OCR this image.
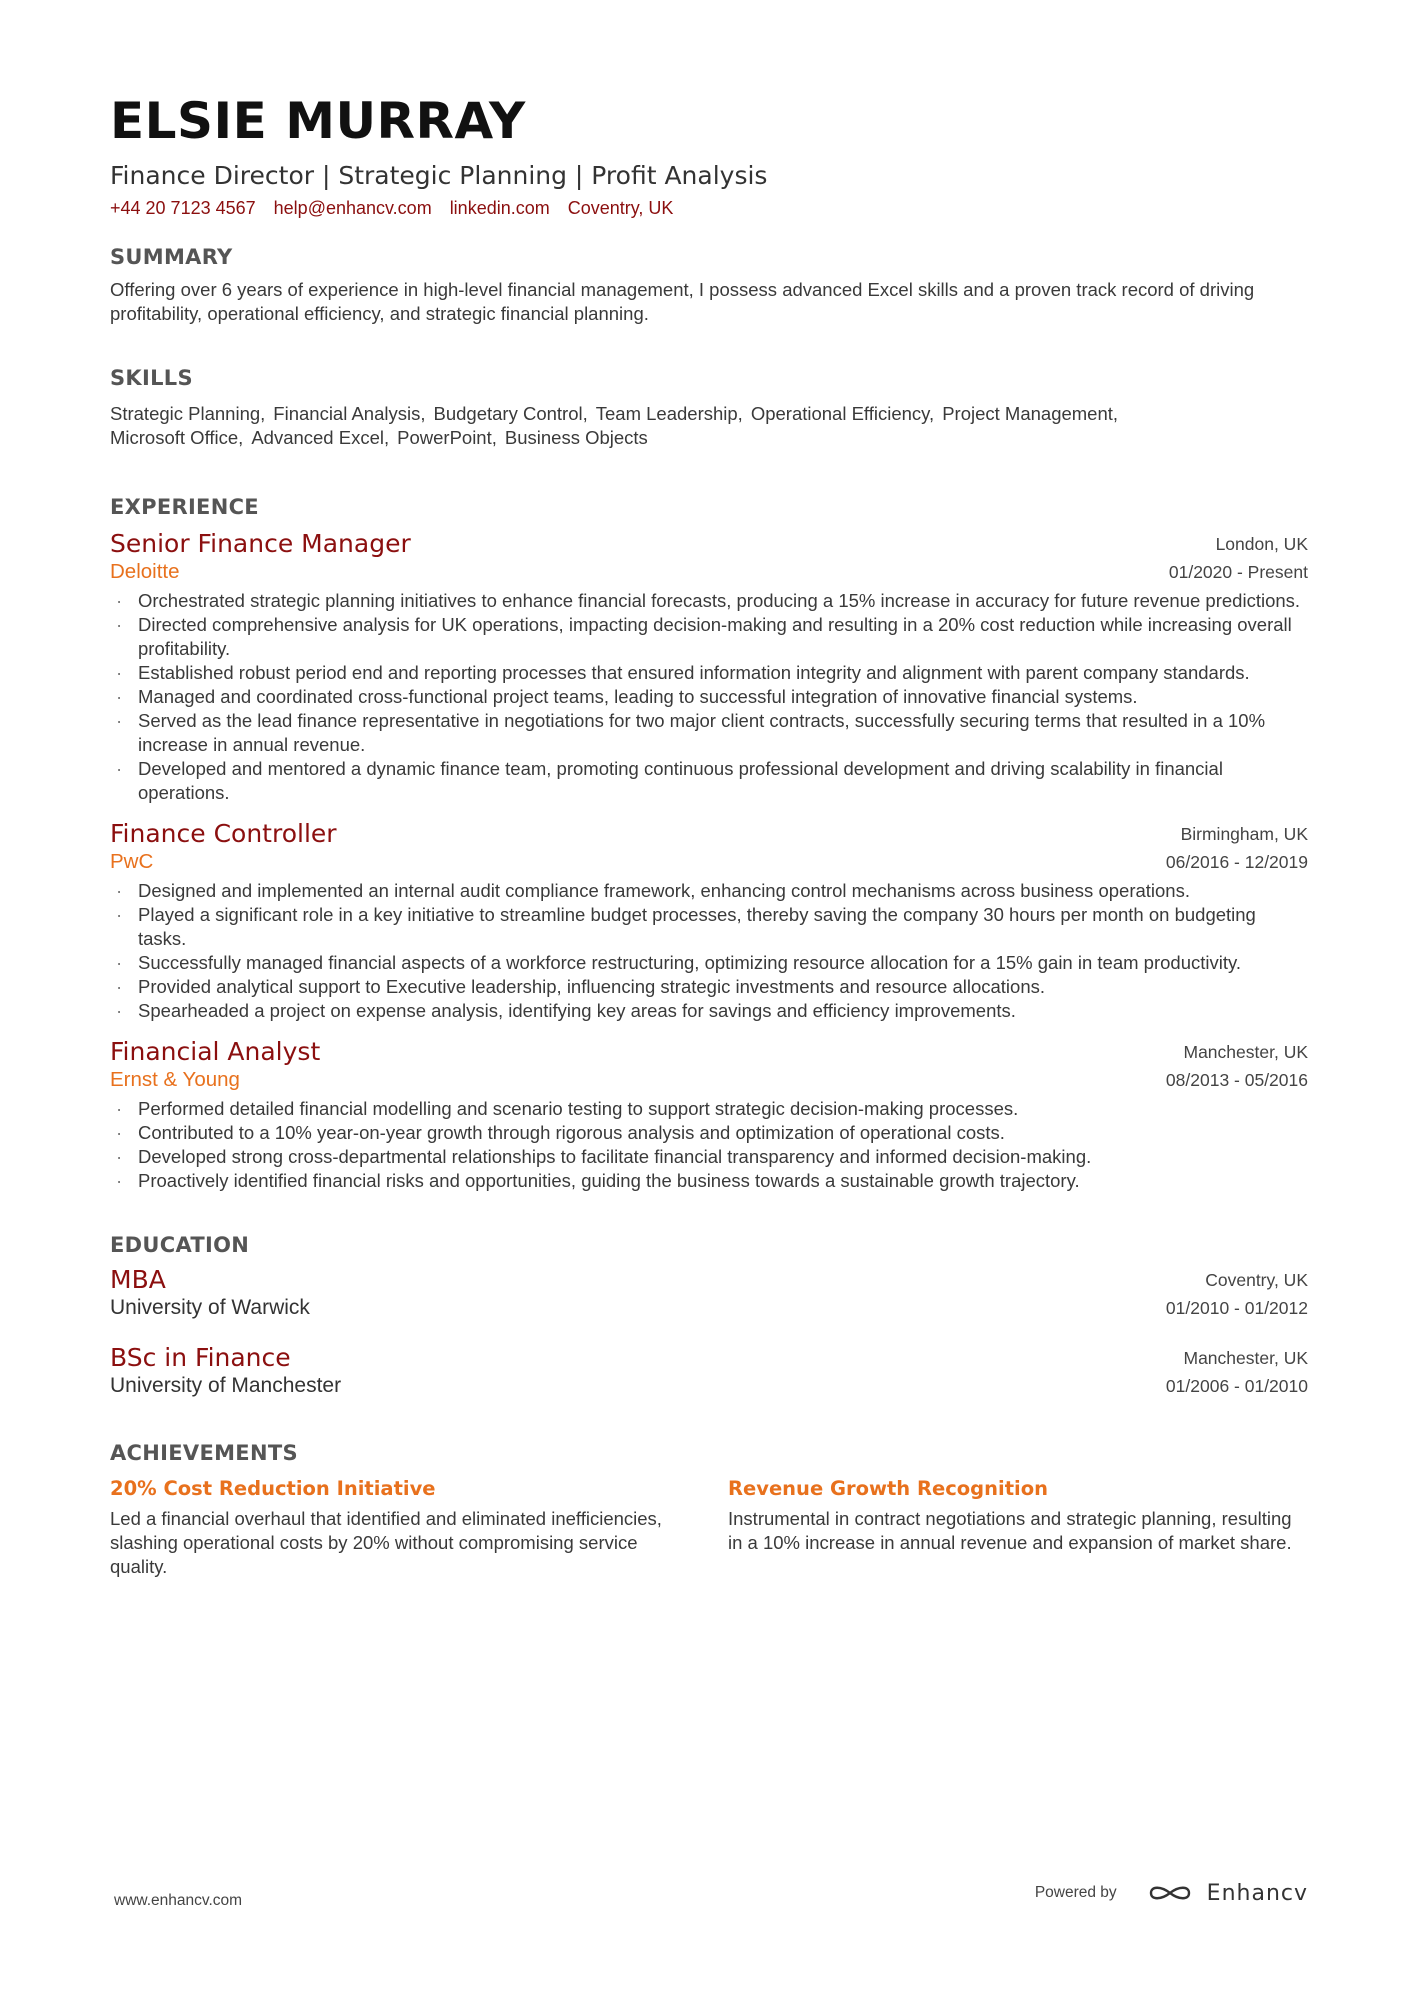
ELSIE MURRAY
Finance Director | Strategic Planning | Profit Analysis
+44 20 7123 4567 help@enhancv.com linkedin.com Coventry, UK
SUMMARY
Offering over 6 years of experience in high-level financial management, I possess advanced Excel skills and a proven track record of driving profitability, operational efficiency, and strategic financial planning.
SKILLS
Strategic Planning, Financial Analysis, Budgetary Control, Team Leadership, Operational Efficiency, Project Management,
Microsoft Office, Advanced Excel, PowerPoint, Business Objects
EXPERIENCE
London, UK
01/2020 - Present
Senior Finance Manager
Deloitte
· Orchestrated strategic planning initiatives to enhance financial forecasts, producing a 15% increase in accuracy for future revenue predictions.
· Directed comprehensive analysis for UK operations, impacting decision-making and resulting in a 20% cost reduction while increasing overall profitability.
· Established robust period end and reporting processes that ensured information integrity and alignment with parent company standards.
· Managed and coordinated cross-functional project teams, leading to successful integration of innovative financial systems.
· Served as the lead finance representative in negotiations for two major client contracts, successfully securing terms that resulted in a 10% increase in annual revenue.
· Developed and mentored a dynamic finance team, promoting continuous professional development and driving scalability in financial operations.
Birmingham, UK
06/2016 - 12/2019
Finance Controller
PwC
· Designed and implemented an internal audit compliance framework, enhancing control mechanisms across business operations.
· Played a significant role in a key initiative to streamline budget processes, thereby saving the company 30 hours per month on budgeting tasks.
· Successfully managed financial aspects of a workforce restructuring, optimizing resource allocation for a 15% gain in team productivity.
· Provided analytical support to Executive leadership, influencing strategic investments and resource allocations.
· Spearheaded a project on expense analysis, identifying key areas for savings and efficiency improvements.
Manchester, UK
08/2013 - 05/2016
Financial Analyst
Ernst & Young
· Performed detailed financial modelling and scenario testing to support strategic decision-making processes.
· Contributed to a 10% year-on-year growth through rigorous analysis and optimization of operational costs.
· Developed strong cross-departmental relationships to facilitate financial transparency and informed decision-making.
· Proactively identified financial risks and opportunities, guiding the business towards a sustainable growth trajectory.
EDUCATION
Coventry, UK
01/2010 - 01/2012
MBA
University of Warwick
Manchester, UK
01/2006 - 01/2010
BSc in Finance
University of Manchester
ACHIEVEMENTS
20% Cost Reduction Initiative
Led a financial overhaul that identified and eliminated inefficiencies, slashing operational costs by 20% without compromising service quality.
Revenue Growth Recognition
Instrumental in contract negotiations and strategic planning, resulting in a 10% increase in annual revenue and expansion of market share.
www.enhancv.com	Powered by	Enhancv
